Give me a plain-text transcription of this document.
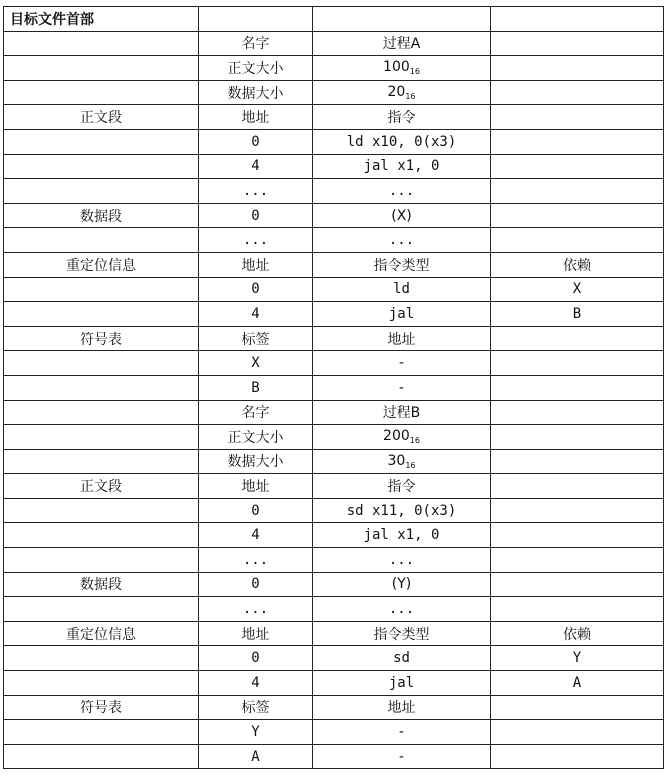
目标文件首部			
	名字	过程A	
	正文大小	$100_{16}$	
	数据大小	$20_{16}$	
正文段	地址	指令	
	0	ld x10, 0(x3)	
	4	jal x1, 0	
	...	...	
数据段	0	(X)	
	...	...	
重定位信息	地址	指令类型	依赖
	0	ld	X
	4	jal	B
符号表	标签	地址	
	X	-	
	B	-	
	名字	过程B	
	正文大小	$200_{16}$	
	数据大小	$30_{16}$	
正文段	地址	指令	
	0	sd x11, 0(x3)	
	4	jal x1, 0	
	...	...	
数据段	0	(Y)	
	...	...	
重定位信息	地址	指令类型	依赖
	0	sd	Y
	4	jal	A
符号表	标签	地址	
	Y	-	
	A	-	
